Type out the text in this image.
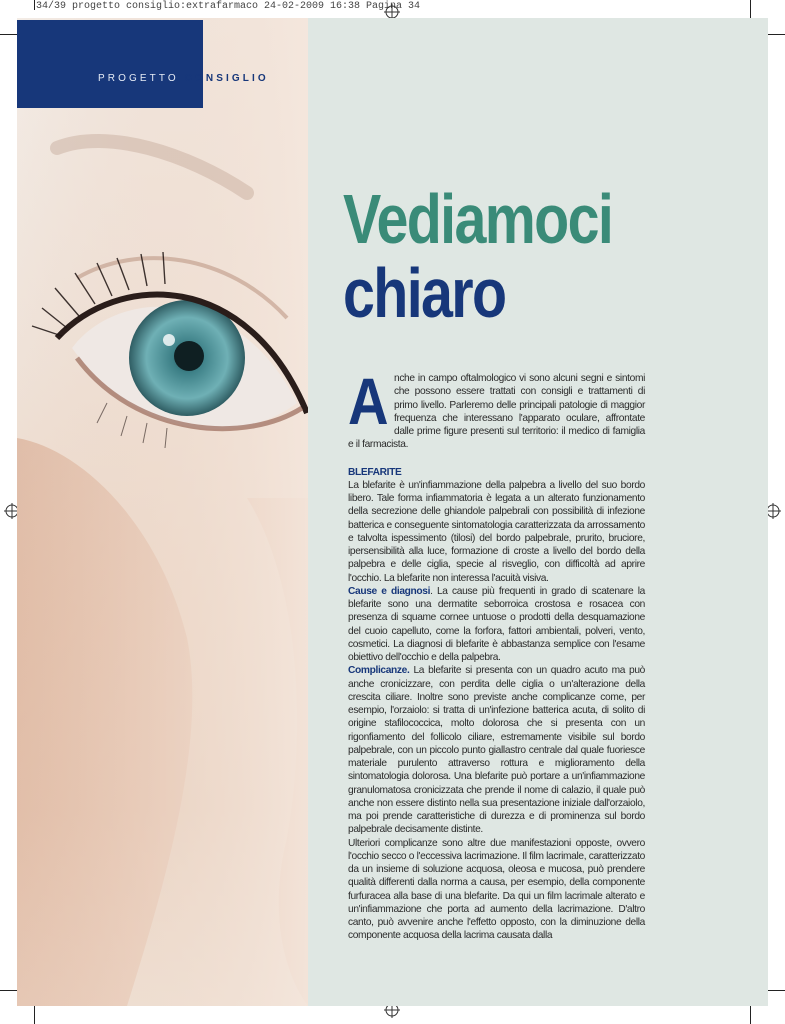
34/39 progetto consiglio:extrafarmaco 24-02-2009 16:38 Pagina 34
PROGETTO CONSIGLIO
Vediamoci
chiaro

Anche in campo oftalmologico vi sono alcuni segni e sintomi che possono essere trattati con consigli e trattamenti di primo livello. Parleremo delle principali patologie di maggior frequenza che interessano l'apparato oculare, affrontate dalle prime figure presenti sul territorio: il medico di famiglia e il farmacista.

BLEFARITE

La blefarite è un'infiammazione della palpebra a livello del suo bordo libero. Tale forma infiammatoria è legata a un alterato funzionamento della secrezione delle ghiandole palpebrali con possibilità di infezione batterica e conseguente sintomatologia caratterizzata da arrossamento e talvolta ispessimento (tilosi) del bordo palpebrale, prurito, bruciore, ipersensibilità alla luce, formazione di croste a livello del bordo della palpebra e delle ciglia, specie al risveglio, con difficoltà ad aprire l'occhio. La blefarite non interessa l'acuità visiva.

Cause e diagnosi. La cause più frequenti in grado di scatenare la blefarite sono una dermatite seborroica crostosa e rosacea con presenza di squame cornee untuose o prodotti della desquamazione del cuoio capelluto, come la forfora, fattori ambientali, polveri, vento, cosmetici. La diagnosi di blefarite è abbastanza semplice con l'esame obiettivo dell'occhio e della palpebra.

Complicanze. La blefarite si presenta con un quadro acuto ma può anche cronicizzare, con perdita delle ciglia o un'alterazione della crescita ciliare. Inoltre sono previste anche complicanze come, per esempio, l'orzaiolo: si tratta di un'infezione batterica acuta, di solito di origine stafilococcica, molto dolorosa che si presenta con un rigonfiamento del follicolo ciliare, estremamente visibile sul bordo palpebrale, con un piccolo punto giallastro centrale dal quale fuoriesce materiale purulento attraverso rottura e miglioramento della sintomatologia dolorosa. Una blefarite può portare a un'infiammazione granulomatosa cronicizzata che prende il nome di calazio, il quale può anche non essere distinto nella sua presentazione iniziale dall'orzaiolo, ma poi prende caratteristiche di durezza e di prominenza sul bordo palpebrale decisamente distinte.

Ulteriori complicanze sono altre due manifestazioni opposte, ovvero l'occhio secco o l'eccessiva lacrimazione. Il film lacrimale, caratterizzato da un insieme di soluzione acquosa, oleosa e mucosa, può prendere qualità differenti dalla norma a causa, per esempio, della componente furfuracea alla base di una blefarite. Da qui un film lacrimale alterato e un'infiammazione che porta ad aumento della lacrimazione. D'altro canto, può avvenire anche l'effetto opposto, con la diminuzione della componente acquosa della lacrima causata dalla
